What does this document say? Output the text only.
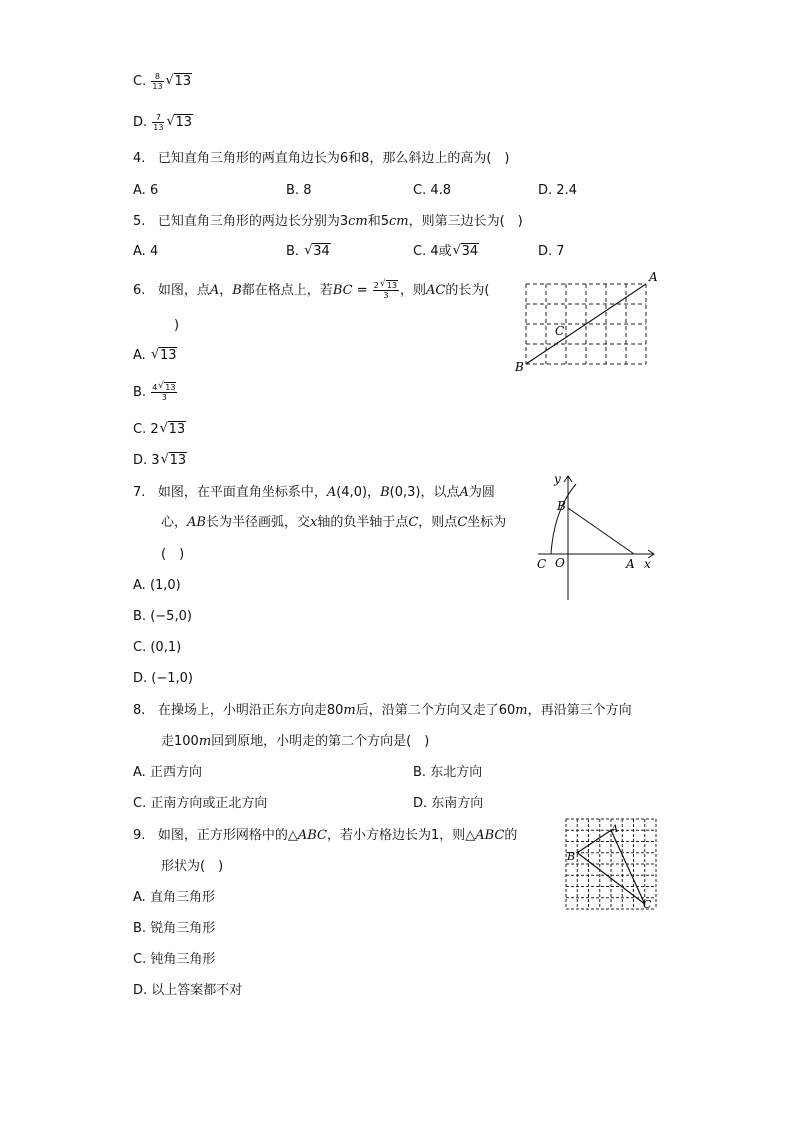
C. $\frac{8}{13}$ √ 13
D. $\frac{7}{13}$ √ 13
4. 已知直角三角形的两直角边长为6和8，那么斜边上的高为(　)
A. 6	B. 8	C. 4.8	D. 2.4
5. 已知直角三角形的两边长分别为3cm和5cm，则第三边长为(　)
A. 4	B. √ 34	C. 4或 √ 34	D. 7
6. 如图，点A，B都在格点上，若BC = $\frac{2 √ 13}{3}$ ，则AC的长为(
)
A. √ 13
B. $\frac{4 √ 13}{3}$
C. 2 √ 13
D. 3 √ 13
A
B
C
7. 如图，在平面直角坐标系中，A(4,0)，B(0,3)，以点A为圆
心，AB长为半径画弧，交x轴的负半轴于点C，则点C坐标为
(　)
A. (1,0)
B. (−5,0)
C. (0,1)
D. (−1,0)
y
x
B
C O	A
8. 在操场上，小明沿正东方向走80m后，沿第二个方向又走了60m，再沿第三个方向
走100m回到原地，小明走的第二个方向是(　)
A. 正西方向	B. 东北方向
C. 正南方向或正北方向	D. 东南方向
9. 如图，正方形网格中的△ABC，若小方格边长为1，则△ABC的
形状为(　)
A. 直角三角形
B. 锐角三角形
C. 钝角三角形
D. 以上答案都不对
A
B
C
